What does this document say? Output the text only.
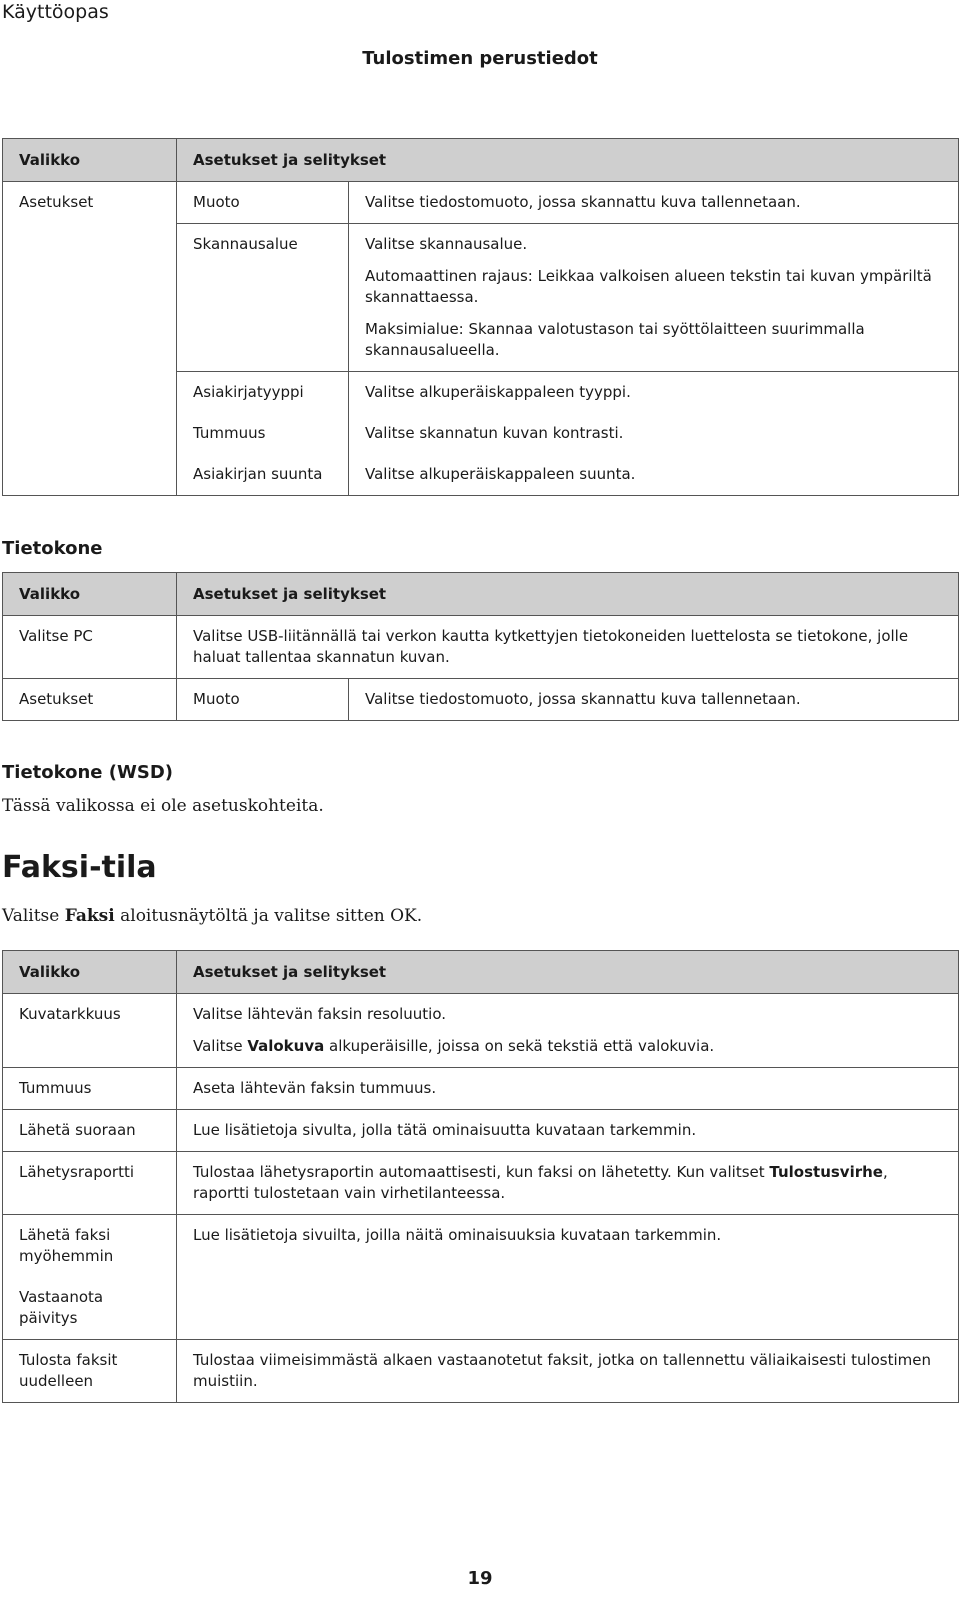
Käyttöopas
Tulostimen perustiedot
Valikko	Asetukset ja selitykset	
Asetukset	Muoto	Valitse tiedostomuoto, jossa skannattu kuva tallennetaan.
	Skannausalue	Valitse skannausalue.

Automaattinen rajaus: Leikkaa valkoisen alueen tekstin tai kuvan ympäriltä skannattaessa.

Maksimialue: Skannaa valotustason tai syöttölaitteen suurimmalla skannausalueella.

	Asiakirjatyyppi	Valitse alkuperäiskappaleen tyyppi.
	Tummuus	Valitse skannatun kuvan kontrasti.
	Asiakirjan suunta	Valitse alkuperäiskappaleen suunta.
Tietokone
Valikko	Asetukset ja selitykset	
Valitse PC	Valitse USB-liitännällä tai verkon kautta kytkettyjen tietokoneiden luettelosta se tietokone, jolle haluat tallentaa skannatun kuvan.	
Asetukset	Muoto	Valitse tiedostomuoto, jossa skannattu kuva tallennetaan.
Tietokone (WSD)

Tässä valikossa ei ole asetuskohteita.

Faksi-tila

Valitse Faksi aloitusnäytöltä ja valitse sitten OK.

Valikko	Asetukset ja selitykset
Kuvatarkkuus	Valitse lähtevän faksin resoluutio.

Valitse Valokuva alkuperäisille, joissa on sekä tekstiä että valokuvia.

Tummuus	Aseta lähtevän faksin tummuus.
Lähetä suoraan	Lue lisätietoja sivulta, jolla tätä ominaisuutta kuvataan tarkemmin.
Lähetysraportti	Tulostaa lähetysraportin automaattisesti, kun faksi on lähetetty. Kun valitset Tulostusvirhe, raportti tulostetaan vain virhetilanteessa.
Lähetä faksi myöhemmin	Lue lisätietoja sivuilta, joilla näitä ominaisuuksia kuvataan tarkemmin.
Vastaanota päivitys	
Tulosta faksit uudelleen	Tulostaa viimeisimmästä alkaen vastaanotetut faksit, jotka on tallennettu väliaikaisesti tulostimen muistiin.
19
